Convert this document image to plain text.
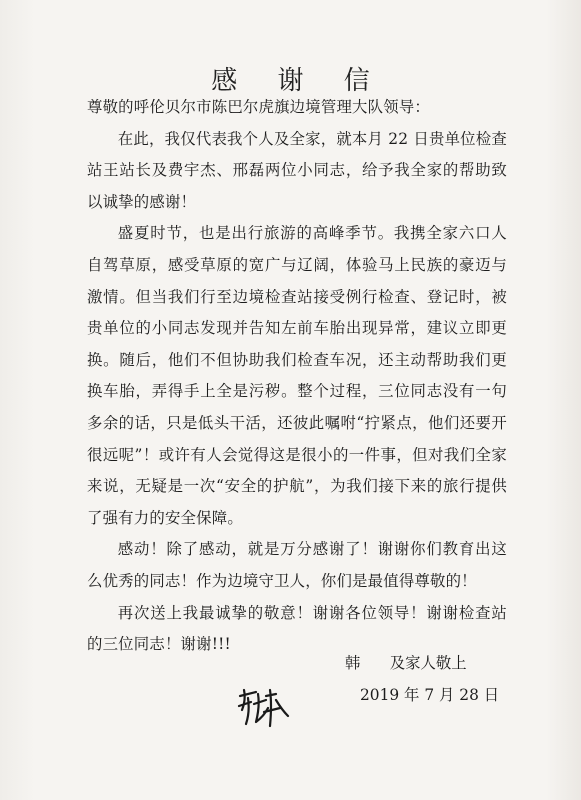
感 谢 信

尊敬的呼伦贝尔市陈巴尔虎旗边境管理大队领导：

在此，我仅代表我个人及全家，就本月 22 日贵单位检查站王站长及费宇杰、邢磊两位小同志，给予我全家的帮助致以诚挚的感谢！

盛夏时节，也是出行旅游的高峰季节。我携全家六口人自驾草原，感受草原的宽广与辽阔，体验马上民族的豪迈与激情。但当我们行至边境检查站接受例行检查、登记时，被贵单位的小同志发现并告知左前车胎出现异常，建议立即更换。随后，他们不但协助我们检查车况，还主动帮助我们更换车胎，弄得手上全是污秽。整个过程，三位同志没有一句多余的话，只是低头干活，还彼此嘱咐“拧紧点，他们还要开很远呢”！或许有人会觉得这是很小的一件事，但对我们全家来说，无疑是一次“安全的护航”，为我们接下来的旅行提供了强有力的安全保障。

感动！除了感动，就是万分感谢了！谢谢你们教育出这么优秀的同志！作为边境守卫人，你们是最值得尊敬的！

再次送上我最诚挚的敬意！谢谢各位领导！谢谢检查站的三位同志！谢谢!!!

韩      及家人敬上
2019 年 7 月 28 日
